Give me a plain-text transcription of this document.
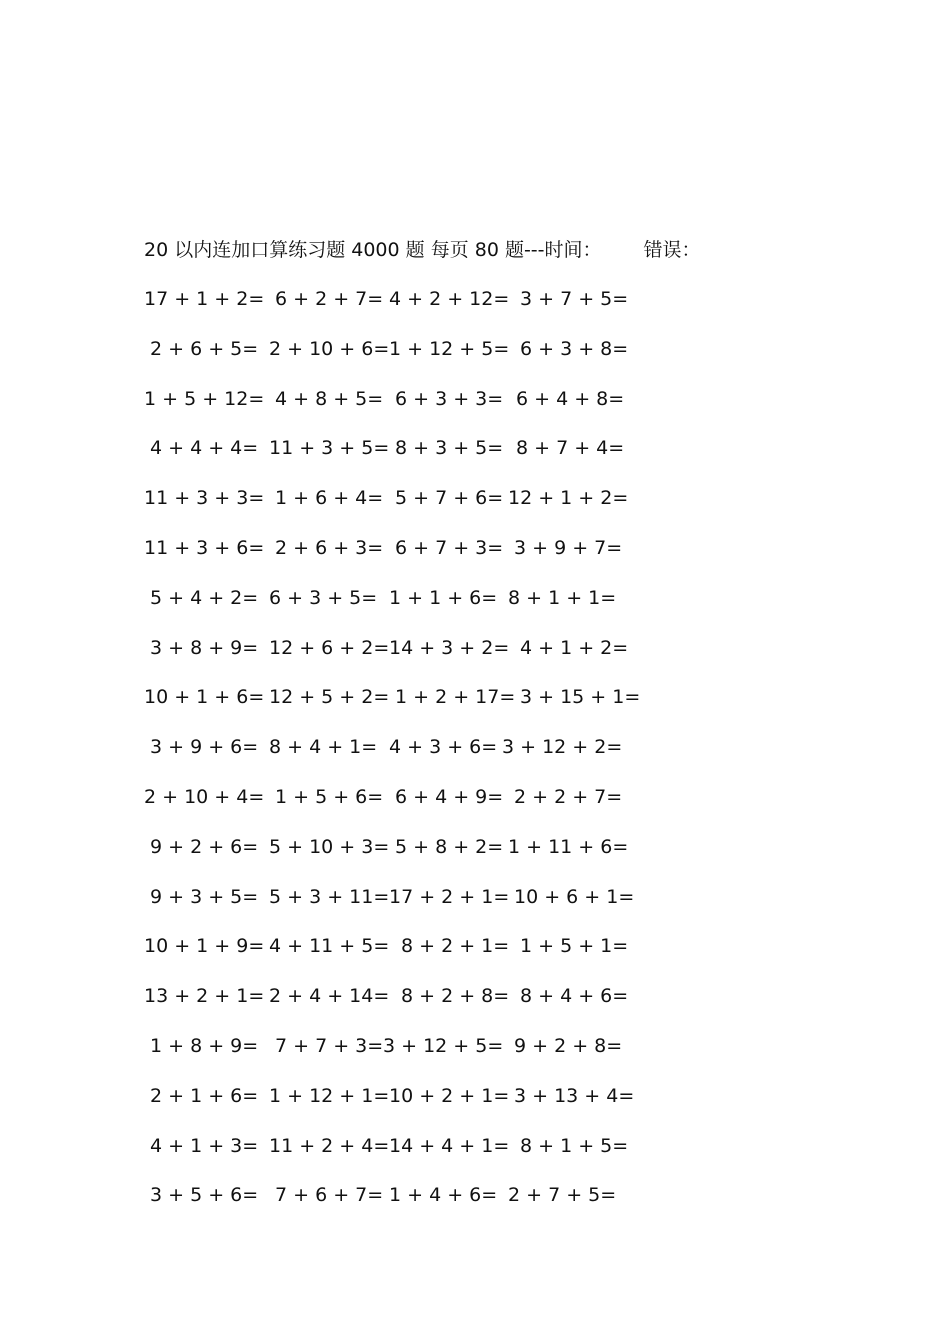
20 以内连加口算练习题 4000 题 每页 80 题---时间： 错误：
17 + 1 + 2= 6 + 2 + 7= 4 + 2 + 12= 3 + 7 + 5=
2 + 6 + 5= 2 + 10 + 6= 1 + 12 + 5= 6 + 3 + 8=
1 + 5 + 12= 4 + 8 + 5= 6 + 3 + 3= 6 + 4 + 8=
4 + 4 + 4= 11 + 3 + 5= 8 + 3 + 5= 8 + 7 + 4=
11 + 3 + 3= 1 + 6 + 4= 5 + 7 + 6= 12 + 1 + 2=
11 + 3 + 6= 2 + 6 + 3= 6 + 7 + 3= 3 + 9 + 7=
5 + 4 + 2= 6 + 3 + 5= 1 + 1 + 6= 8 + 1 + 1=
3 + 8 + 9= 12 + 6 + 2= 14 + 3 + 2= 4 + 1 + 2=
10 + 1 + 6= 12 + 5 + 2= 1 + 2 + 17= 3 + 15 + 1=
3 + 9 + 6= 8 + 4 + 1= 4 + 3 + 6= 3 + 12 + 2=
2 + 10 + 4= 1 + 5 + 6= 6 + 4 + 9= 2 + 2 + 7=
9 + 2 + 6= 5 + 10 + 3= 5 + 8 + 2= 1 + 11 + 6=
9 + 3 + 5= 5 + 3 + 11= 17 + 2 + 1= 10 + 6 + 1=
10 + 1 + 9= 4 + 11 + 5= 8 + 2 + 1= 1 + 5 + 1=
13 + 2 + 1= 2 + 4 + 14= 8 + 2 + 8= 8 + 4 + 6=
1 + 8 + 9= 7 + 7 + 3= 3 + 12 + 5= 9 + 2 + 8=
2 + 1 + 6= 1 + 12 + 1= 10 + 2 + 1= 3 + 13 + 4=
4 + 1 + 3= 11 + 2 + 4= 14 + 4 + 1= 8 + 1 + 5=
3 + 5 + 6= 7 + 6 + 7= 1 + 4 + 6= 2 + 7 + 5=
